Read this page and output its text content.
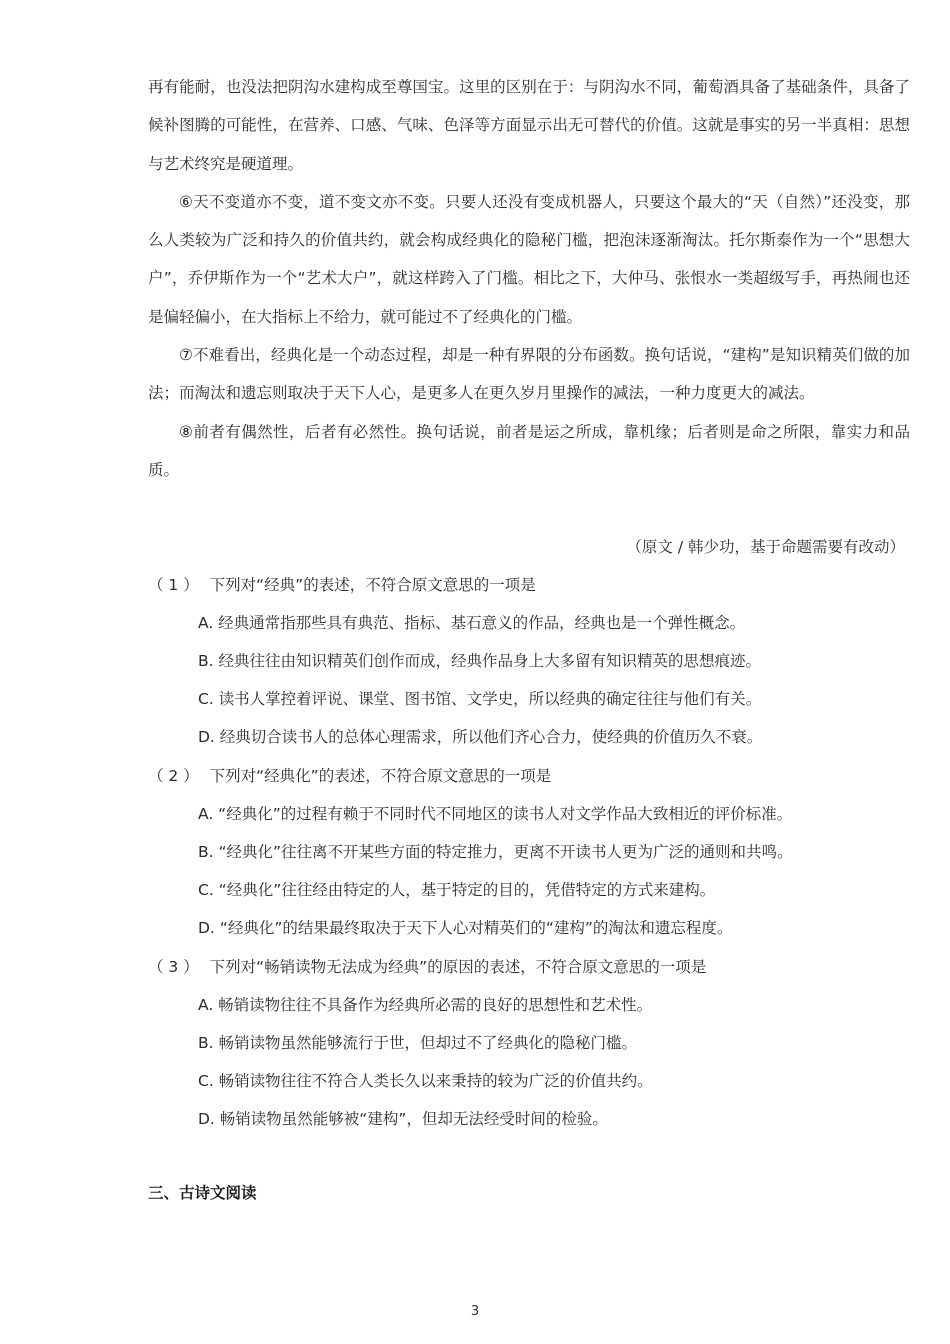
再有能耐，也没法把阴沟水建构成至尊国宝。这里的区别在于：与阴沟水不同，葡萄酒具备了基础条件，具备了候补图腾的可能性，在营养、口感、气味、色泽等方面显示出无可替代的价值。这就是事实的另一半真相：思想与艺术终究是硬道理。

⑥天不变道亦不变，道不变文亦不变。只要人还没有变成机器人，只要这个最大的“天（自然）”还没变，那么人类较为广泛和持久的价值共约，就会构成经典化的隐秘门槛，把泡沫逐渐淘汰。托尔斯泰作为一个“思想大户”，乔伊斯作为一个“艺术大户”，就这样跨入了门槛。相比之下，大仲马、张恨水一类超级写手，再热闹也还是偏轻偏小，在大指标上不给力，就可能过不了经典化的门槛。

⑦不难看出，经典化是一个动态过程，却是一种有界限的分布函数。换句话说，“建构”是知识精英们做的加法；而淘汰和遗忘则取决于天下人心，是更多人在更久岁月里操作的减法，一种力度更大的减法。

⑧前者有偶然性，后者有必然性。换句话说，前者是运之所成，靠机缘；后者则是命之所限，靠实力和品质。

（原文 / 韩少功，基于命题需要有改动）
（ 1 ） 下列对“经典”的表述，不符合原文意思的一项是
A. 经典通常指那些具有典范、指标、基石意义的作品，经典也是一个弹性概念。
B. 经典往往由知识精英们创作而成，经典作品身上大多留有知识精英的思想痕迹。
C. 读书人掌控着评说、课堂、图书馆、文学史，所以经典的确定往往与他们有关。
D. 经典切合读书人的总体心理需求，所以他们齐心合力，使经典的价值历久不衰。
（ 2 ） 下列对“经典化”的表述，不符合原文意思的一项是
A. “经典化”的过程有赖于不同时代不同地区的读书人对文学作品大致相近的评价标准。
B. “经典化”往往离不开某些方面的特定推力，更离不开读书人更为广泛的通则和共鸣。
C. “经典化”往往经由特定的人，基于特定的目的，凭借特定的方式来建构。
D. “经典化”的结果最终取决于天下人心对精英们的“建构”的淘汰和遗忘程度。
（ 3 ） 下列对“畅销读物无法成为经典”的原因的表述，不符合原文意思的一项是
A. 畅销读物往往不具备作为经典所必需的良好的思想性和艺术性。
B. 畅销读物虽然能够流行于世，但却过不了经典化的隐秘门槛。
C. 畅销读物往往不符合人类长久以来秉持的较为广泛的价值共约。
D. 畅销读物虽然能够被“建构”，但却无法经受时间的检验。
三、古诗文阅读
3
